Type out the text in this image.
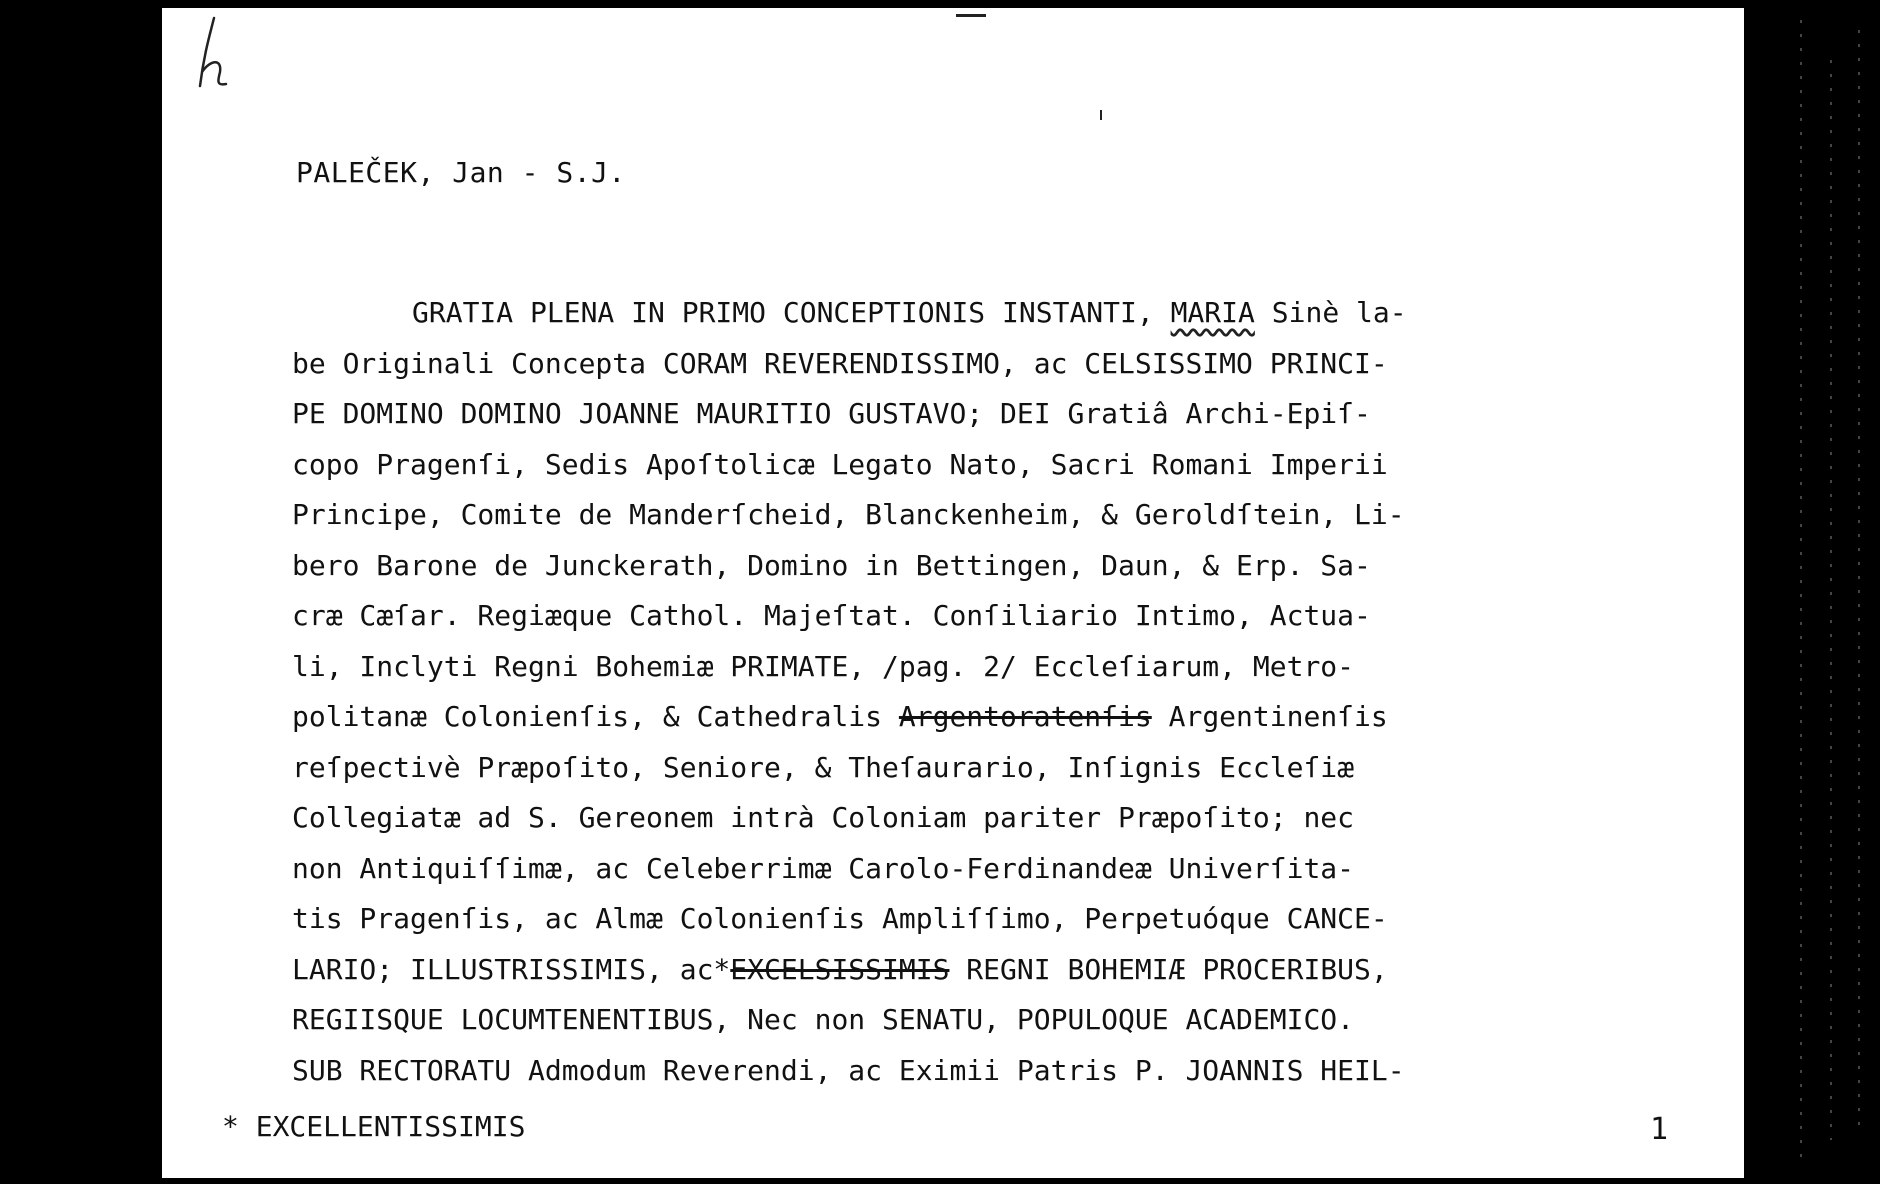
PALEČEK, Jan - S.J.
GRATIA PLENA IN PRIMO CONCEPTIONIS INSTANTI, MARIA Sinè la-
be Originali Concepta CORAM REVERENDISSIMO, ac CELSISSIMO PRINCI-
PE DOMINO DOMINO JOANNE MAURITIO GUSTAVO; DEI Gratiâ Archi-Epiſ-
copo Pragenſi, Sedis Apoſtolicæ Legato Nato, Sacri Romani Imperii
Principe, Comite de Manderſcheid, Blanckenheim, & Geroldſtein, Li-
bero Barone de Junckerath, Domino in Bettingen, Daun, & Erp. Sa-
cræ Cæſar. Regiæque Cathol. Majeſtat. Conſiliario Intimo, Actua-
li, Inclyti Regni Bohemiæ PRIMATE, /pag. 2/ Eccleſiarum, Metro-
politanæ Colonienſis, & Cathedralis Argentoratenſis Argentinenſis
reſpectivè Præpoſito, Seniore, & Theſaurario, Inſignis Eccleſiæ
Collegiatæ ad S. Gereonem intrà Coloniam pariter Præpoſito; nec
non Antiquiſſimæ, ac Celeberrimæ Carolo-Ferdinandeæ Univerſita-
tis Pragenſis, ac Almæ Colonienſis Ampliſſimo, Perpetuóque CANCE-
LARIO; ILLUSTRISSIMIS, ac*EXCELSISSIMIS REGNI BOHEMIÆ PROCERIBUS,
REGIISQUE LOCUMTENENTIBUS, Nec non SENATU, POPULOQUE ACADEMICO.
SUB RECTORATU Admodum Reverendi, ac Eximii Patris P. JOANNIS HEIL-
* EXCELLENTISSIMIS	1
